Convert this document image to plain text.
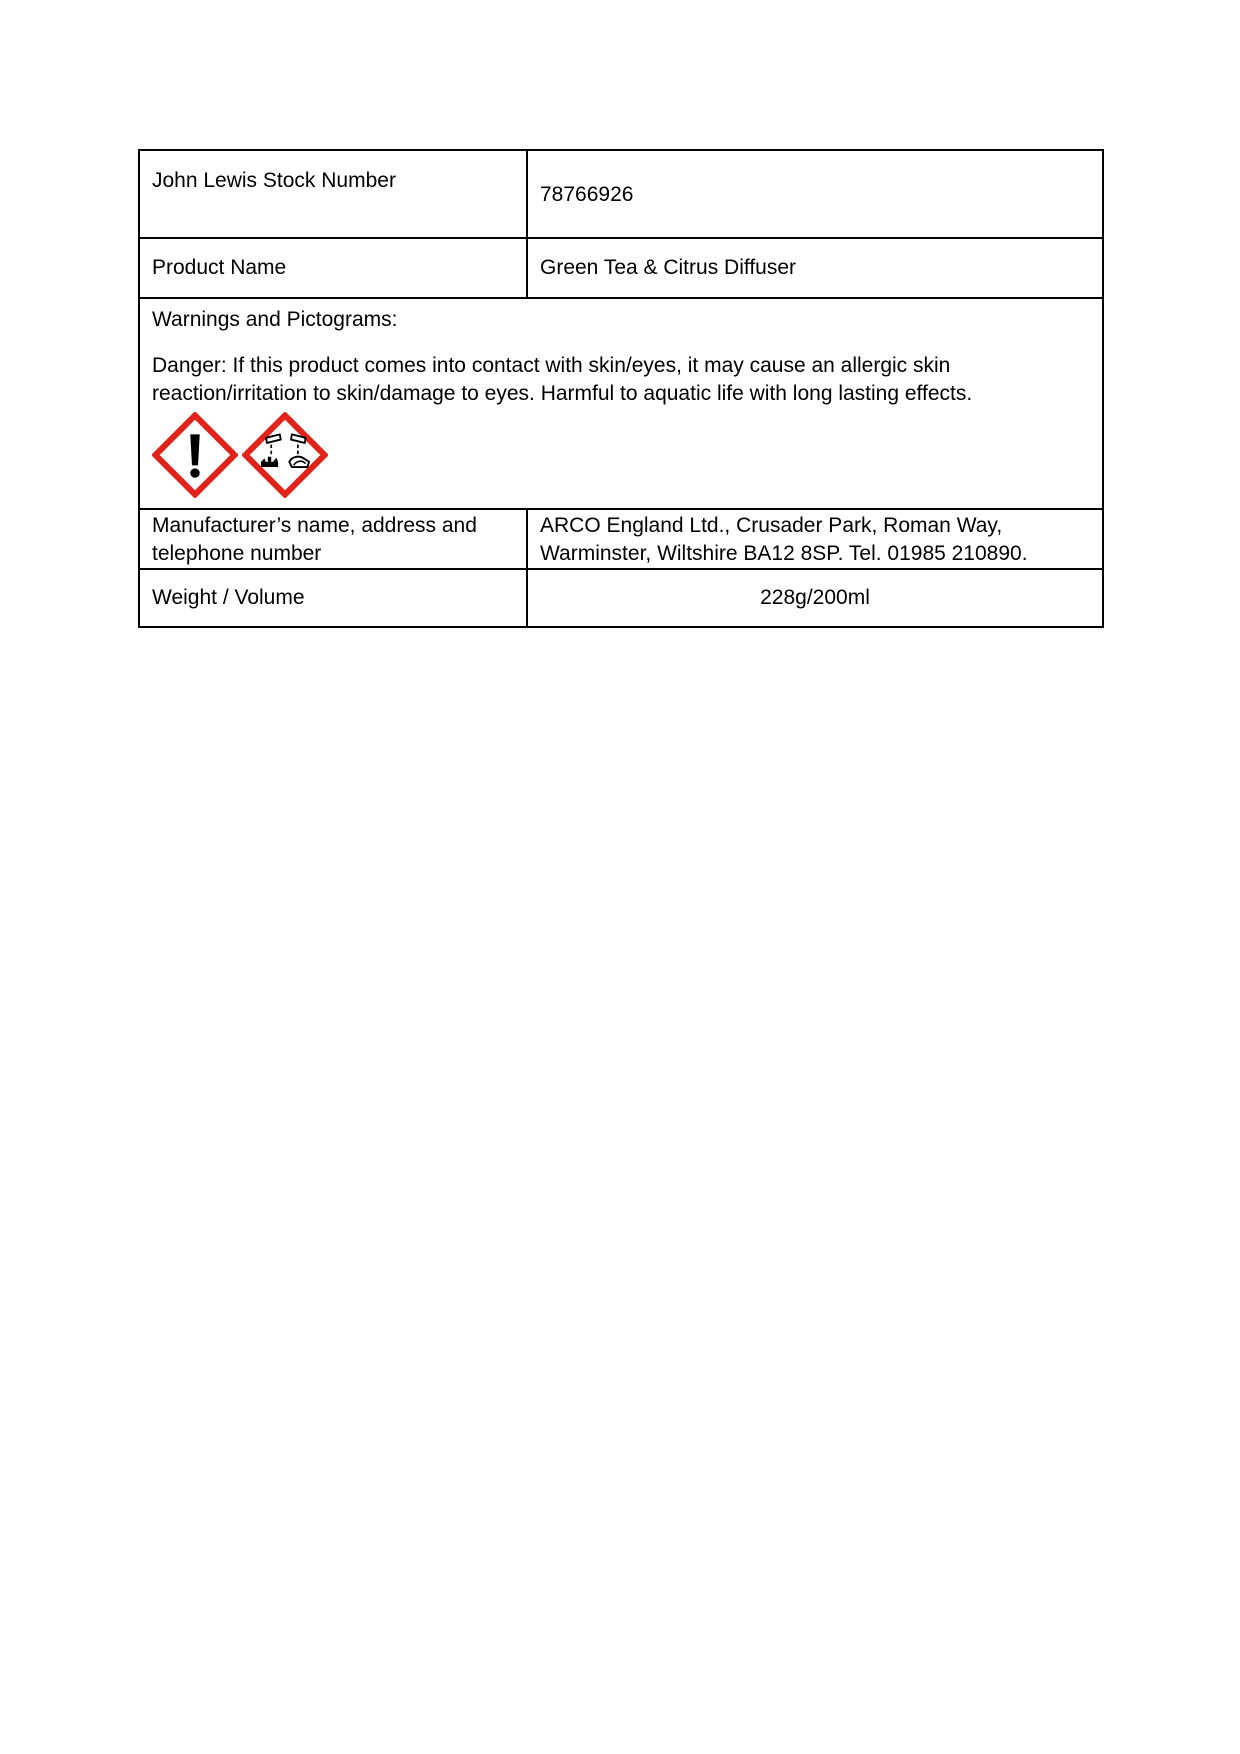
John Lewis Stock Number	78766926
Product Name	Green Tea & Citrus Diffuser

Warnings and Pictograms:

Danger: If this product comes into contact with skin/eyes, it may cause an allergic skin reaction/irritation to skin/damage to eyes. Harmful to aquatic life with long lasting effects.	

Manufacturer’s name, address and telephone number	ARCO England Ltd., Crusader Park, Roman Way, Warminster, Wiltshire BA12 8SP. Tel. 01985 210890.
Weight / Volume	228g/200ml
